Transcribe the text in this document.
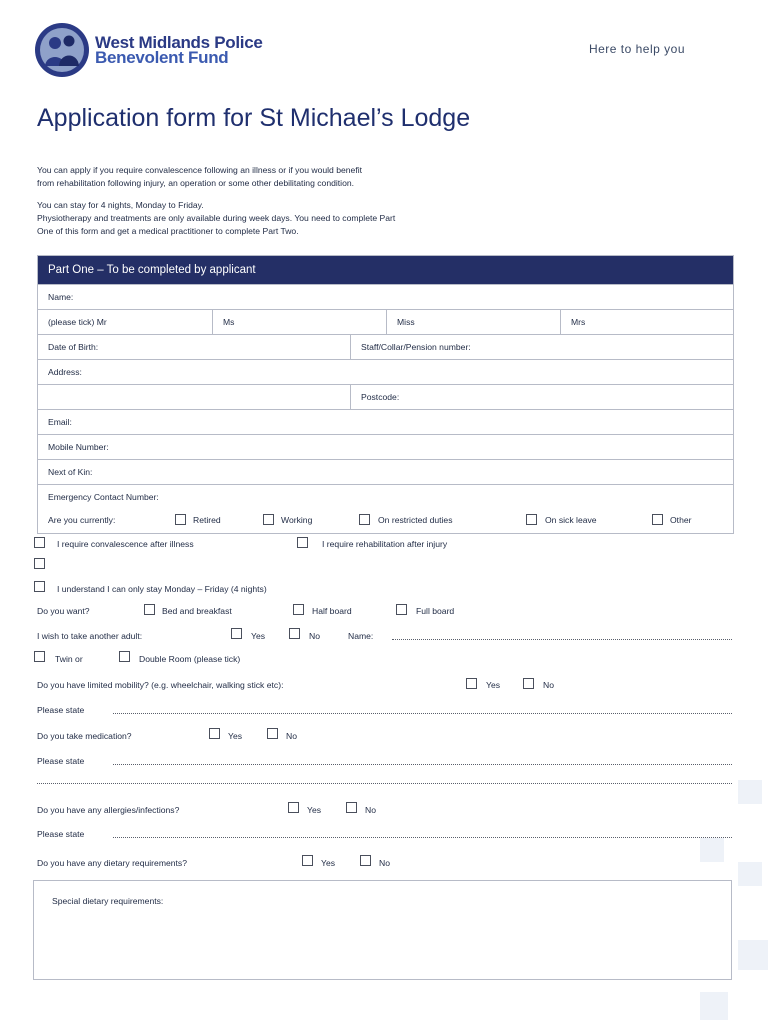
West Midlands Police
Benevolent Fund	Here to help you
Application form for St Michael’s Lodge

You can apply if you require convalescence following an illness or if you would benefit
from rehabilitation following injury, an operation or some other debilitating condition.

You can stay for 4 nights, Monday to Friday.
Physiotherapy and treatments are only available during week days. You need to complete Part
One of this form and get a medical practitioner to complete Part Two.

Part One – To be completed by applicant
Name:
(please tick) Mr	Ms	Miss	Mrs
Date of Birth:	Staff/Collar/Pension number:
Address:
Postcode:
Email:
Mobile Number:
Next of Kin:
Emergency Contact Number:
Are you currently:	Retired	Working	On restricted duties	On sick leave	Other
I require convalescence after illness	I require rehabilitation after injury
I understand I can only stay Monday – Friday (4 nights)
Do you want?	Bed and breakfast	Half board	Full board
I wish to take another adult:	Yes	No	Name:
Twin or	Double Room (please tick)
Do you have limited mobility? (e.g. wheelchair, walking stick etc):	Yes	No
Please state
Do you take medication?	Yes	No
Please state
Do you have any allergies/infections?	Yes	No
Please state
Do you have any dietary requirements?	Yes	No
Special dietary requirements:
